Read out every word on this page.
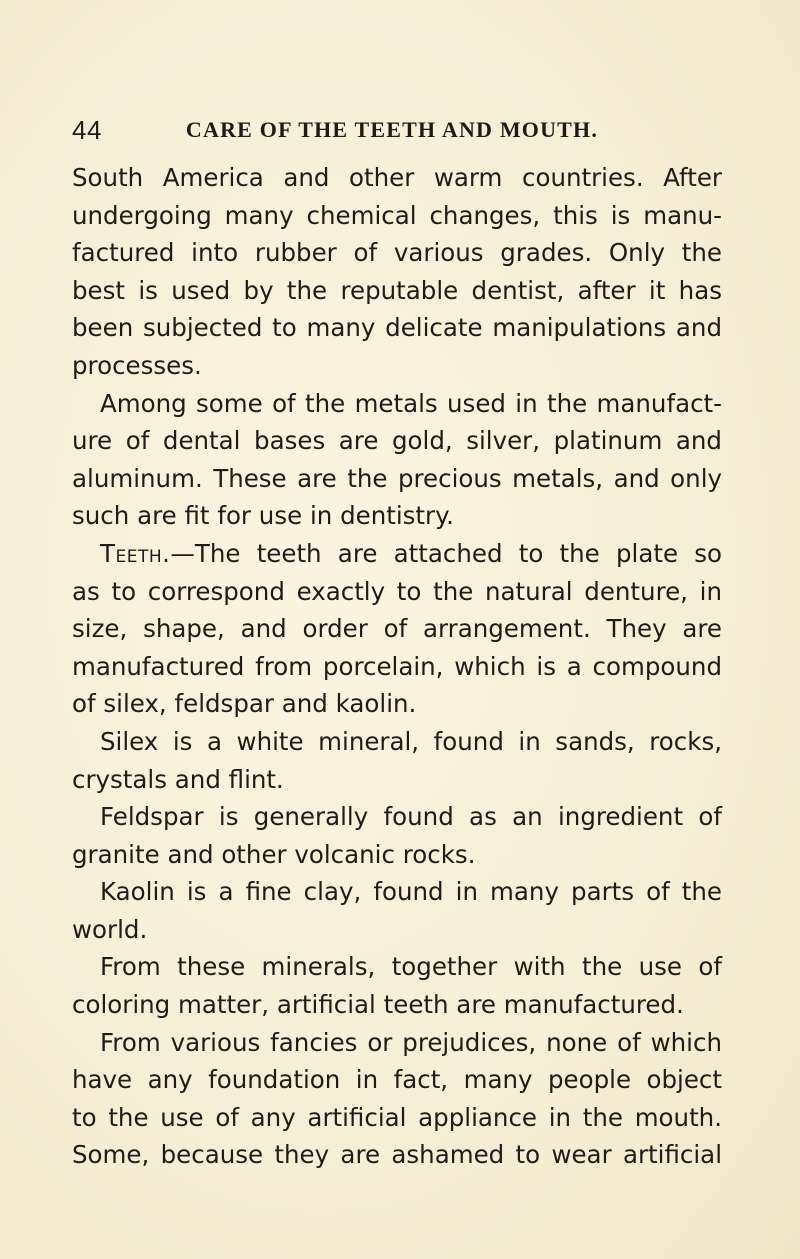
44	CARE OF THE TEETH AND MOUTH.

South America and other warm countries. After

undergoing many chemical changes, this is manu-

factured into rubber of various grades. Only the

best is used by the reputable dentist, after it has

been subjected to many delicate manipulations and

processes.

Among some of the metals used in the manufact-

ure of dental bases are gold, silver, platinum and

aluminum. These are the precious metals, and only

such are fit for use in dentistry.

Teeth.—The teeth are attached to the plate so

as to correspond exactly to the natural denture, in

size, shape, and order of arrangement. They are

manufactured from porcelain, which is a compound

of silex, feldspar and kaolin.

Silex is a white mineral, found in sands, rocks,

crystals and flint.

Feldspar is generally found as an ingredient of

granite and other volcanic rocks.

Kaolin is a fine clay, found in many parts of the

world.

From these minerals, together with the use of

coloring matter, artificial teeth are manufactured.

From various fancies or prejudices, none of which

have any foundation in fact, many people object

to the use of any artificial appliance in the mouth.

Some, because they are ashamed to wear artificial
